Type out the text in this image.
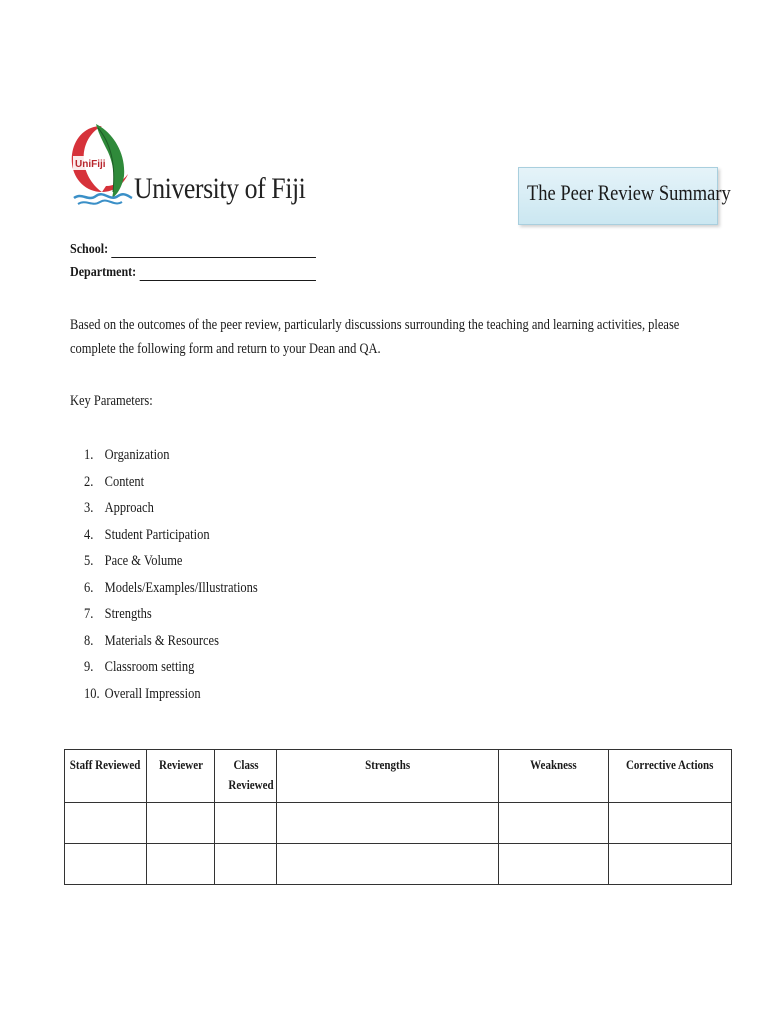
UniFiji
University of Fiji	The Peer Review Summary
School:
Department:
Based on the outcomes of the peer review, particularly discussions surrounding the teaching and learning activities, please complete the following form and return to your Dean and QA.
Key Parameters:
1. Organization
2. Content
3. Approach
4. Student Participation
5. Pace & Volume
6. Models/Examples/Illustrations
7. Strengths
8. Materials & Resources
9. Classroom setting
10. Overall Impression
Staff Reviewed	Reviewer	Class Reviewed	Strengths	Weakness	Corrective Actions
